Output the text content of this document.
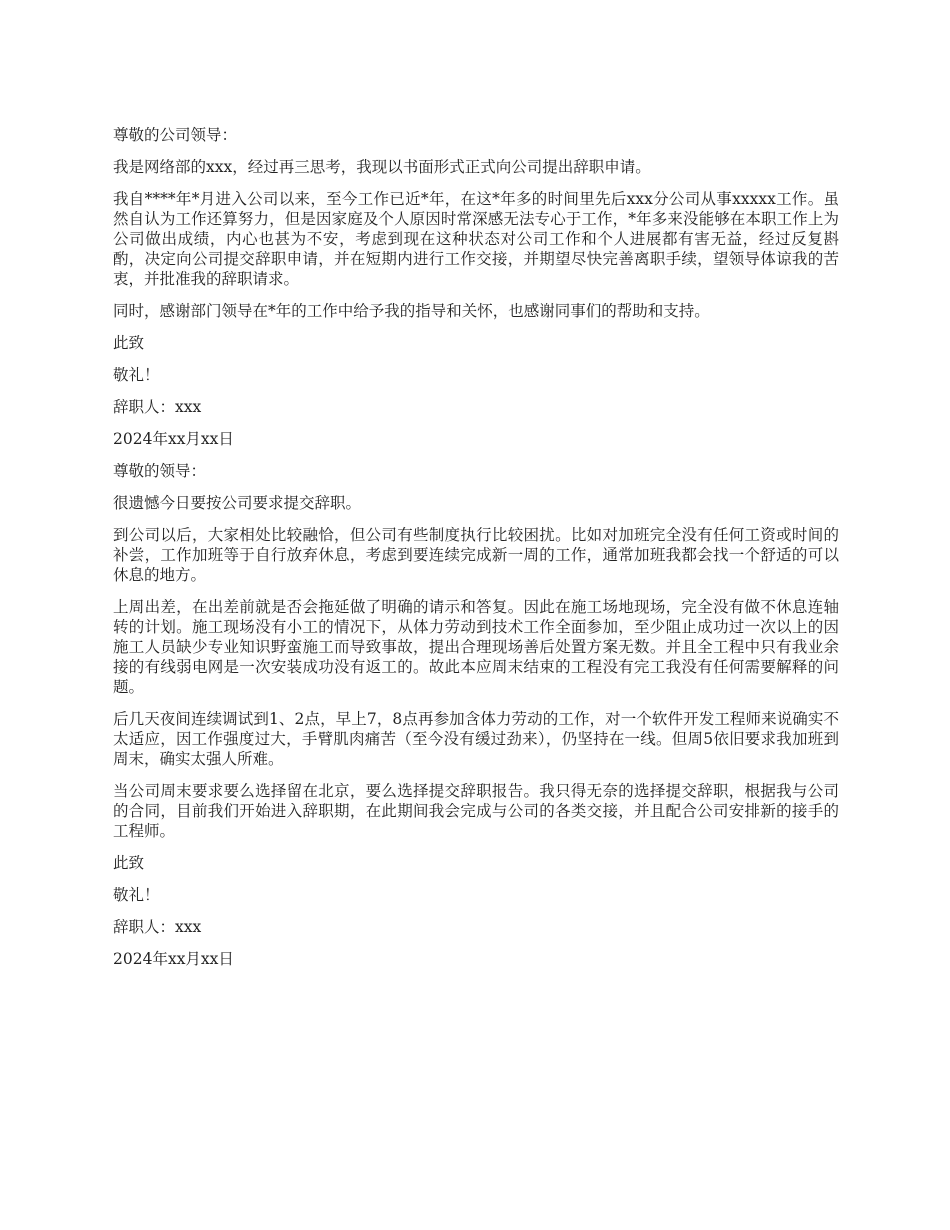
尊敬的公司领导：

我是网络部的xxx，经过再三思考，我现以书面形式正式向公司提出辞职申请。

我自****年*月进入公司以来，至今工作已近*年，在这*年多的时间里先后xxx分公司从事xxxxx工作。虽然自认为工作还算努力，但是因家庭及个人原因时常深感无法专心于工作，*年多来没能够在本职工作上为公司做出成绩，内心也甚为不安，考虑到现在这种状态对公司工作和个人进展都有害无益，经过反复斟酌，决定向公司提交辞职申请，并在短期内进行工作交接，并期望尽快完善离职手续，望领导体谅我的苦衷，并批准我的辞职请求。

同时，感谢部门领导在*年的工作中给予我的指导和关怀，也感谢同事们的帮助和支持。

此致

敬礼！

辞职人：xxx

2024年xx月xx日

尊敬的领导：

很遗憾今日要按公司要求提交辞职。

到公司以后，大家相处比较融恰，但公司有些制度执行比较困扰。比如对加班完全没有任何工资或时间的补尝，工作加班等于自行放弃休息，考虑到要连续完成新一周的工作，通常加班我都会找一个舒适的可以休息的地方。

上周出差，在出差前就是否会拖延做了明确的请示和答复。因此在施工场地现场，完全没有做不休息连轴转的计划。施工现场没有小工的情况下，从体力劳动到技术工作全面参加，至少阻止成功过一次以上的因施工人员缺少专业知识野蛮施工而导致事故，提出合理现场善后处置方案无数。并且全工程中只有我业余接的有线弱电网是一次安装成功没有返工的。故此本应周末结束的工程没有完工我没有任何需要解释的问题。

后几天夜间连续调试到1、2点，早上7，8点再参加含体力劳动的工作，对一个软件开发工程师来说确实不太适应，因工作强度过大，手臂肌肉痛苦（至今没有缓过劲来），仍坚持在一线。但周5依旧要求我加班到周末，确实太强人所难。

当公司周末要求要么选择留在北京，要么选择提交辞职报告。我只得无奈的选择提交辞职，根据我与公司的合同，目前我们开始进入辞职期，在此期间我会完成与公司的各类交接，并且配合公司安排新的接手的工程师。

此致

敬礼！

辞职人：xxx

2024年xx月xx日
